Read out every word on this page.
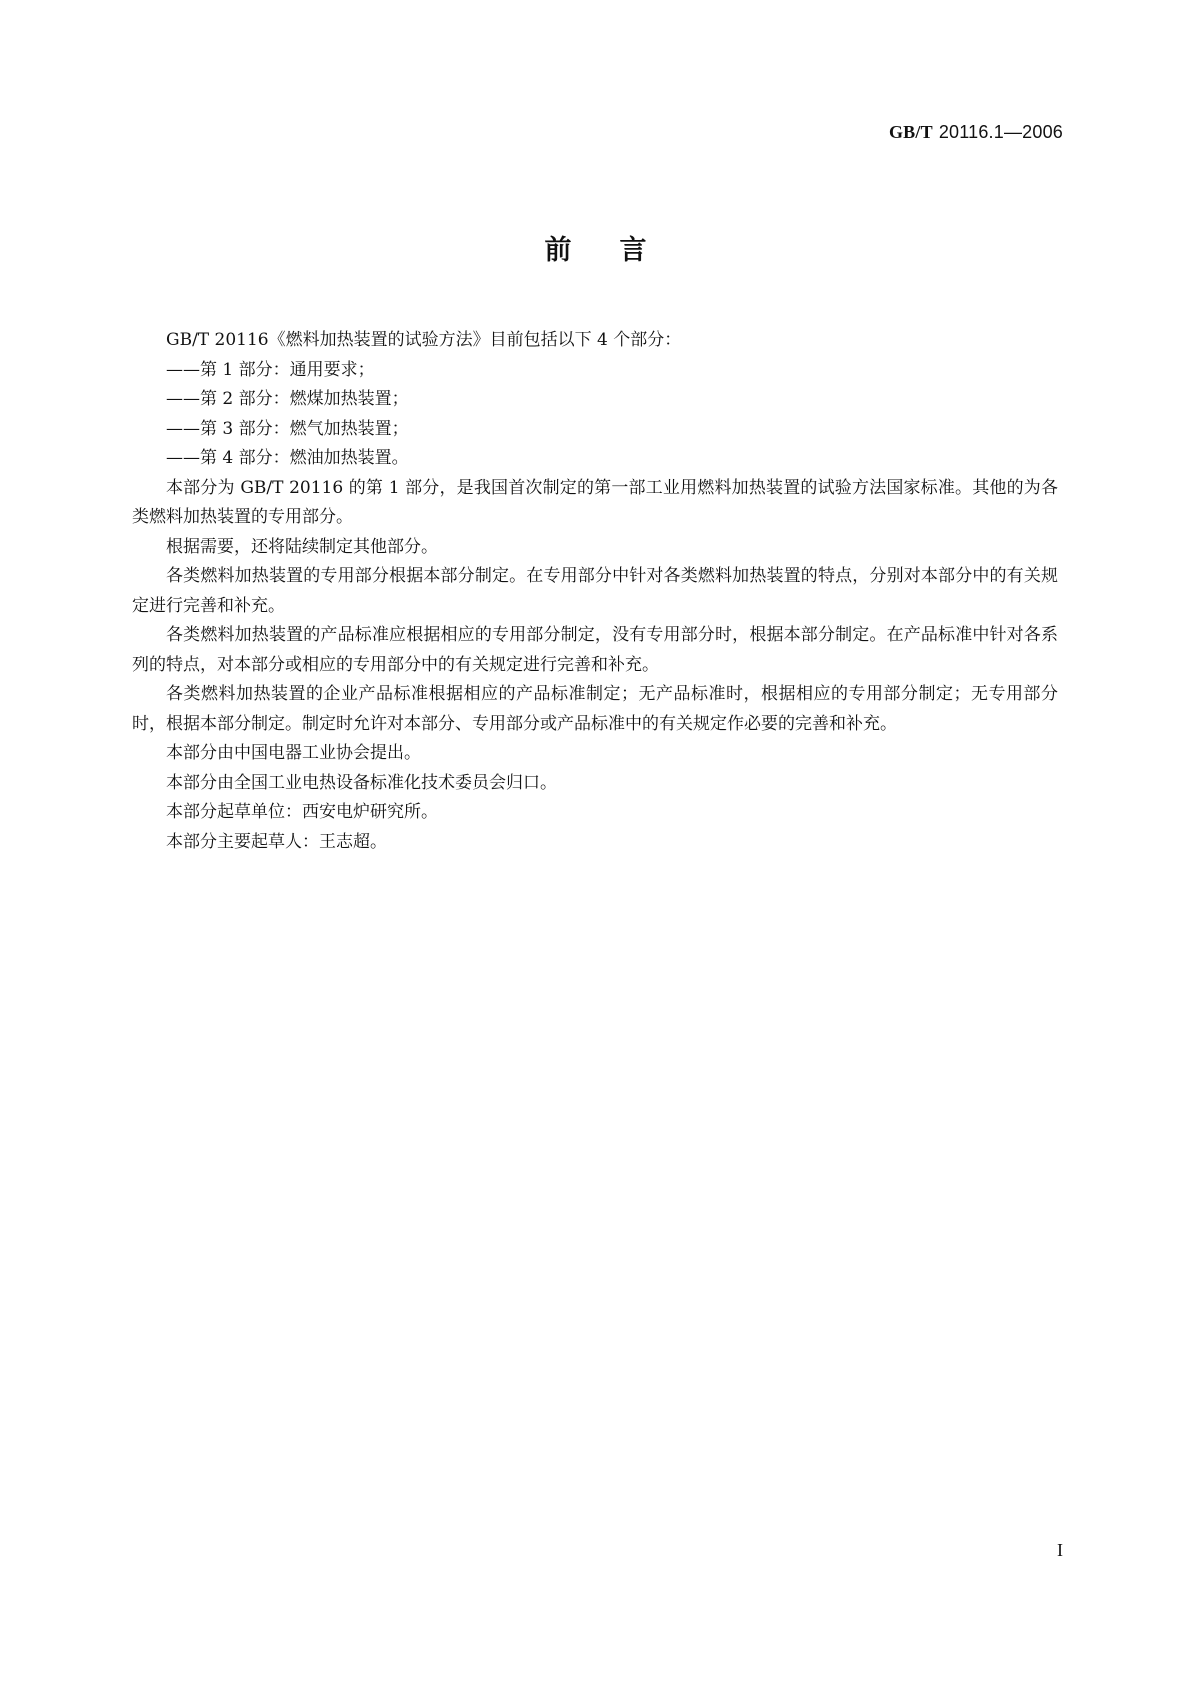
GB/T 20116.1—2006
前言

GB/T 20116《燃料加热装置的试验方法》目前包括以下 4 个部分：

——第 1 部分：通用要求；

——第 2 部分：燃煤加热装置；

——第 3 部分：燃气加热装置；

——第 4 部分：燃油加热装置。

本部分为 GB/T 20116 的第 1 部分，是我国首次制定的第一部工业用燃料加热装置的试验方法国家标准。其他的为各类燃料加热装置的专用部分。

根据需要，还将陆续制定其他部分。

各类燃料加热装置的专用部分根据本部分制定。在专用部分中针对各类燃料加热装置的特点，分别对本部分中的有关规定进行完善和补充。

各类燃料加热装置的产品标准应根据相应的专用部分制定，没有专用部分时，根据本部分制定。在产品标准中针对各系列的特点，对本部分或相应的专用部分中的有关规定进行完善和补充。

各类燃料加热装置的企业产品标准根据相应的产品标准制定；无产品标准时，根据相应的专用部分制定；无专用部分时，根据本部分制定。制定时允许对本部分、专用部分或产品标准中的有关规定作必要的完善和补充。

本部分由中国电器工业协会提出。

本部分由全国工业电热设备标准化技术委员会归口。

本部分起草单位：西安电炉研究所。

本部分主要起草人：王志超。

I
